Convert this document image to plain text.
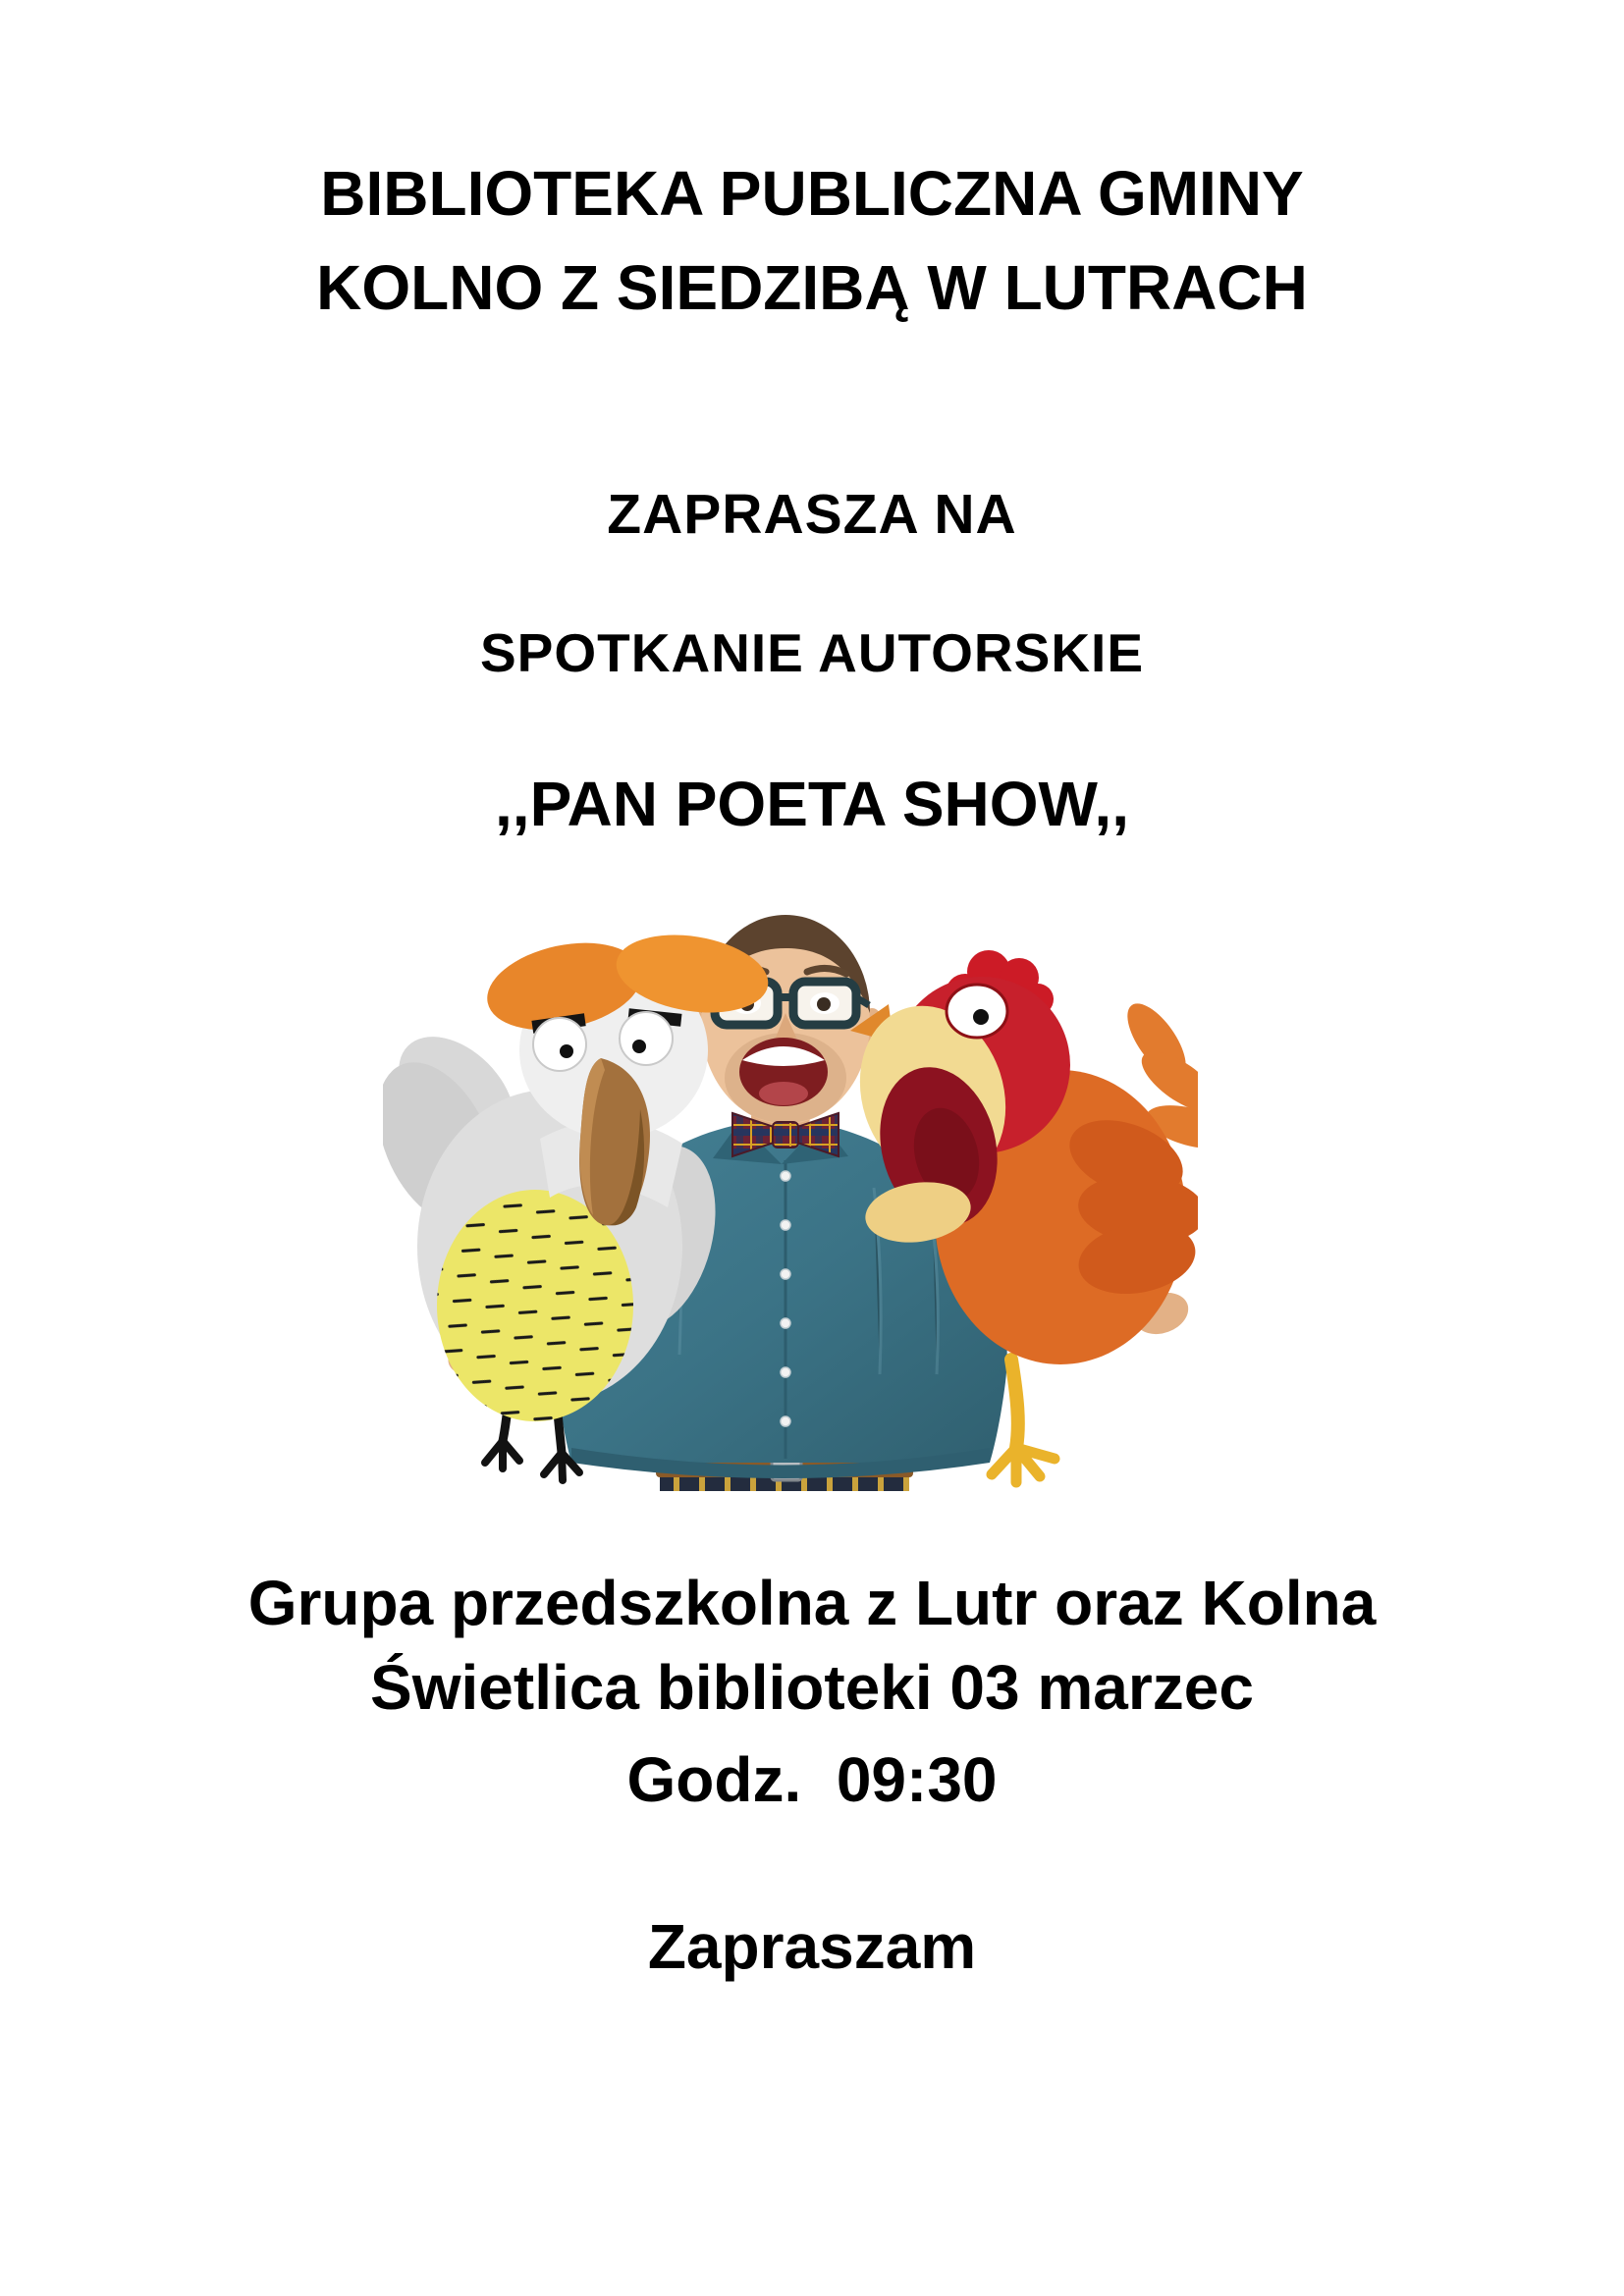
BIBLIOTEKA PUBLICZNA GMINY
KOLNO Z SIEDZIBĄ W LUTRACH
ZAPRASZA NA
SPOTKANIE AUTORSKIE
,,PAN POETA SHOW,,
Grupa przedszkolna z Lutr oraz Kolna
Świetlica biblioteki 03 marzec
Godz.  09:30
Zapraszam
